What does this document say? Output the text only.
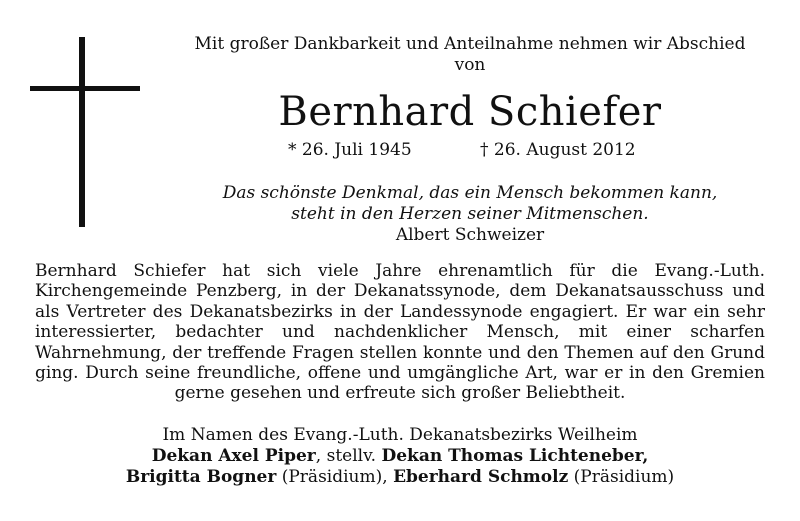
Mit großer Dankbarkeit und Anteilnahme nehmen wir Abschied
von
Bernhard Schiefer
* 26. Juli 1945	† 26. August 2012
Das schönste Denkmal, das ein Mensch bekommen kann,
steht in den Herzen seiner Mitmenschen.
Albert Schweizer

Bernhard Schiefer hat sich viele Jahre ehrenamtlich für die Evang.-Luth. Kirchengemeinde Penzberg, in der Dekanatssynode, dem Dekanatsausschuss und als Vertreter des Dekanatsbezirks in der Landessynode engagiert. Er war ein sehr interessierter, bedachter und nachdenklicher Mensch, mit einer scharfen Wahrnehmung, der treffende Fragen stellen konnte und den Themen auf den Grund ging. Durch seine freundliche, offene und umgängliche Art, war er in den Gremien gerne gesehen und erfreute sich großer Beliebtheit.

Im Namen des Evang.-Luth. Dekanatsbezirks Weilheim
Dekan Axel Piper, stellv. Dekan Thomas Lichteneber,
Brigitta Bogner (Präsidium), Eberhard Schmolz (Präsidium)
